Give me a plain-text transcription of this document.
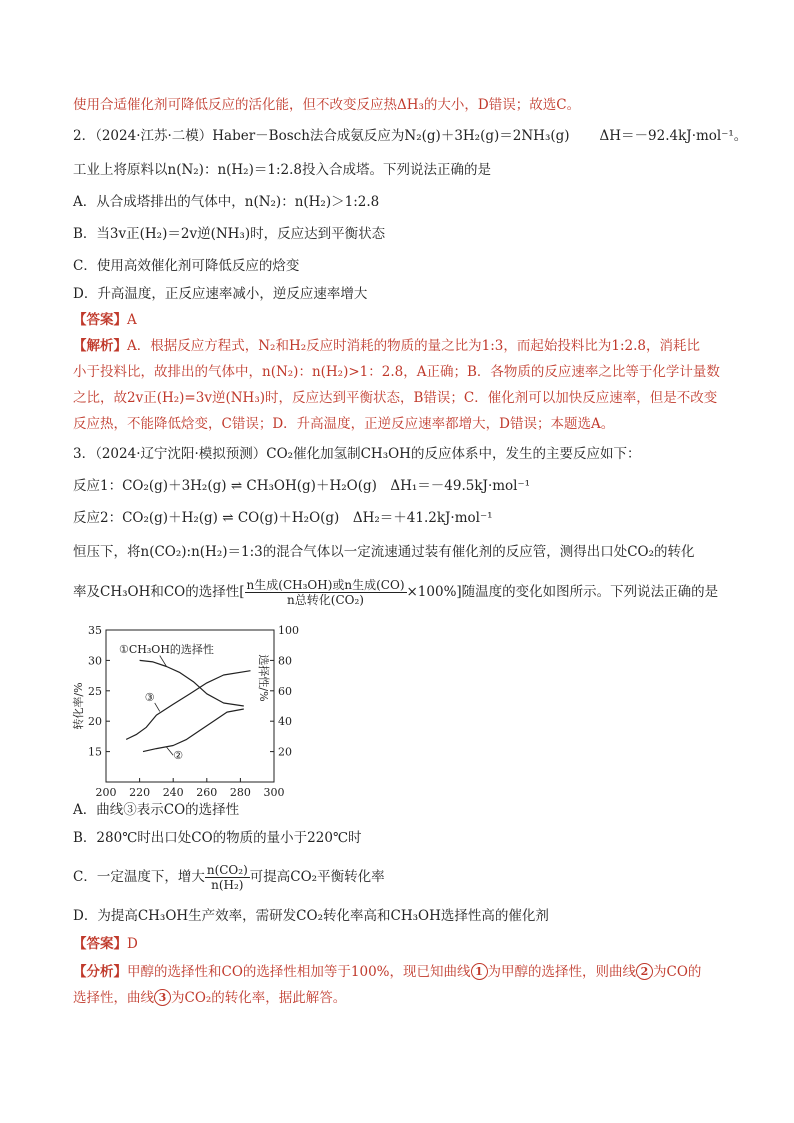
使用合适催化剂可降低反应的活化能，但不改变反应热ΔH₃的大小，D错误；故选C。
2．（2024·江苏·二模）Haber－Bosch法合成氨反应为N₂(g)＋3H₂(g)＝2NH₃(g) ΔH＝－92.4kJ·mol⁻¹。
工业上将原料以n(N₂)：n(H₂)＝1:2.8投入合成塔。下列说法正确的是
A．从合成塔排出的气体中，n(N₂)：n(H₂)＞1:2.8
B．当3v正(H₂)＝2v逆(NH₃)时，反应达到平衡状态
C．使用高效催化剂可降低反应的焓变
D．升高温度，正反应速率减小，逆反应速率增大
【答案】A
【解析】A．根据反应方程式，N₂和H₂反应时消耗的物质的量之比为1:3，而起始投料比为1:2.8，消耗比
小于投料比，故排出的气体中，n(N₂)：n(H₂)>1：2.8，A正确；B．各物质的反应速率之比等于化学计量数
之比，故2v正(H₂)=3v逆(NH₃)时，反应达到平衡状态，B错误；C．催化剂可以加快反应速率，但是不改变
反应热，不能降低焓变，C错误；D．升高温度，正逆反应速率都增大，D错误；本题选A。
3．（2024·辽宁沈阳·模拟预测）CO₂催化加氢制CH₃OH的反应体系中，发生的主要反应如下：
反应1：CO₂(g)＋3H₂(g) ⇌ CH₃OH(g)＋H₂O(g)　ΔH₁＝－49.5kJ·mol⁻¹
反应2：CO₂(g)＋H₂(g) ⇌ CO(g)＋H₂O(g)　ΔH₂＝＋41.2kJ·mol⁻¹
恒压下，将n(CO₂):n(H₂)＝1:3的混合气体以一定流速通过装有催化剂的反应管，测得出口处CO₂的转化
率及CH₃OH和CO的选择性[ $\frac{\text{n生成(CH₃OH)或n生成(CO)}}{\text{n总转化(CO₂)}} \times 100\%$]随温度的变化如图所示。下列说法正确的是
200 220 240 260 280 300
15
20
25
30
35
20
40
60
80
100
转化率/%
选择性/%
①CH₃OH的选择性
③
②
A．曲线③表示CO的选择性
B．280℃时出口处CO的物质的量小于220℃时
C．一定温度下，增大 $\frac{\text{n(CO₂)}}{\text{n(H₂)}}$ 可提高CO₂平衡转化率
D．为提高CH₃OH生产效率，需研发CO₂转化率高和CH₃OH选择性高的催化剂
【答案】D
【分析】甲醇的选择性和CO的选择性相加等于100%，现已知曲线 1 为甲醇的选择性，则曲线 2 为CO的
选择性，曲线 3 为CO₂的转化率，据此解答。
